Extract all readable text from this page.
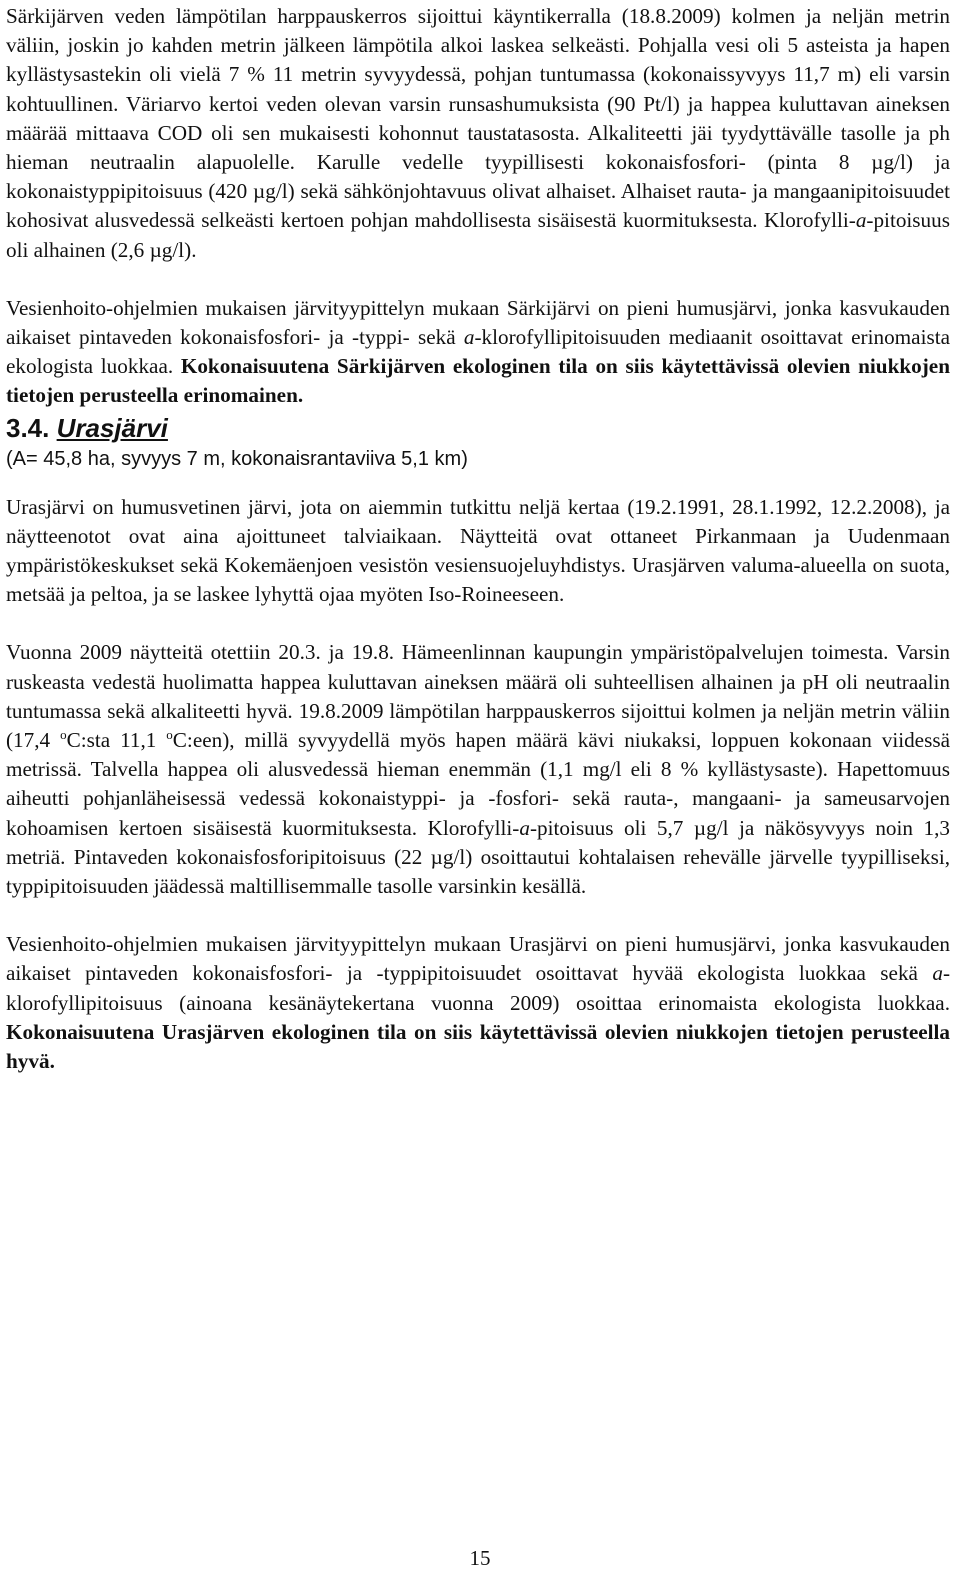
Särkijärven veden lämpötilan harppauskerros sijoittui käyntikerralla (18.8.2009) kolmen ja neljän metrin väliin, joskin jo kahden metrin jälkeen lämpötila alkoi laskea selkeästi. Pohjalla vesi oli 5 asteista ja hapen kyllästysastekin oli vielä 7 % 11 metrin syvyydessä, pohjan tuntumassa (kokonaissyvyys 11,7 m) eli varsin kohtuullinen. Väriarvo kertoi veden olevan varsin runsashumuksista (90 Pt/l) ja happea kuluttavan aineksen määrää mittaava COD oli sen mukaisesti kohonnut taustatasosta. Alkaliteetti jäi tyydyttävälle tasolle ja ph hieman neutraalin alapuolelle. Karulle vedelle tyypillisesti kokonaisfosfori- (pinta 8 µg/l) ja kokonaistyppipitoisuus (420 µg/l) sekä sähkönjohtavuus olivat alhaiset. Alhaiset rauta- ja mangaanipitoisuudet kohosivat alusvedessä selkeästi kertoen pohjan mahdollisesta sisäisestä kuormituksesta. Klorofylli-a-pitoisuus oli alhainen (2,6 µg/l).

Vesienhoito-ohjelmien mukaisen järvityypittelyn mukaan Särkijärvi on pieni humusjärvi, jonka kasvukauden aikaiset pintaveden kokonaisfosfori- ja -typpi- sekä a-klorofyllipitoisuuden mediaanit osoittavat erinomaista ekologista luokkaa. Kokonaisuutena Särkijärven ekologinen tila on siis käytettävissä olevien niukkojen tietojen perusteella erinomainen.

3.4. Urasjärvi

(A= 45,8 ha, syvyys 7 m, kokonaisrantaviiva 5,1 km)

Urasjärvi on humusvetinen järvi, jota on aiemmin tutkittu neljä kertaa (19.2.1991, 28.1.1992, 12.2.2008), ja näytteenotot ovat aina ajoittuneet talviaikaan. Näytteitä ovat ottaneet Pirkanmaan ja Uudenmaan ympäristökeskukset sekä Kokemäenjoen vesistön vesiensuojeluyhdistys. Urasjärven valuma-alueella on suota, metsää ja peltoa, ja se laskee lyhyttä ojaa myöten Iso-Roineeseen.

Vuonna 2009 näytteitä otettiin 20.3. ja 19.8. Hämeenlinnan kaupungin ympäristöpalvelujen toimesta. Varsin ruskeasta vedestä huolimatta happea kuluttavan aineksen määrä oli suhteellisen alhainen ja pH oli neutraalin tuntumassa sekä alkaliteetti hyvä. 19.8.2009 lämpötilan harppauskerros sijoittui kolmen ja neljän metrin väliin (17,4 $^o$C:sta 11,1 $^o$C:een), millä syvyydellä myös hapen määrä kävi niukaksi, loppuen kokonaan viidessä metrissä. Talvella happea oli alusvedessä hieman enemmän (1,1 mg/l eli 8 % kyllästysaste). Hapettomuus aiheutti pohjanläheisessä vedessä kokonaistyppi- ja -fosfori- sekä rauta-, mangaani- ja sameusarvojen kohoamisen kertoen sisäisestä kuormituksesta. Klorofylli-a-pitoisuus oli 5,7 µg/l ja näkösyvyys noin 1,3 metriä. Pintaveden kokonaisfosforipitoisuus (22 µg/l) osoittautui kohtalaisen rehevälle järvelle tyypilliseksi, typpipitoisuuden jäädessä maltillisemmalle tasolle varsinkin kesällä.

Vesienhoito-ohjelmien mukaisen järvityypittelyn mukaan Urasjärvi on pieni humusjärvi, jonka kasvukauden aikaiset pintaveden kokonaisfosfori- ja -typpipitoisuudet osoittavat hyvää ekologista luokkaa sekä a-klorofyllipitoisuus (ainoana kesänäytekertana vuonna 2009) osoittaa erinomaista ekologista luokkaa. Kokonaisuutena Urasjärven ekologinen tila on siis käytettävissä olevien niukkojen tietojen perusteella hyvä.

15
